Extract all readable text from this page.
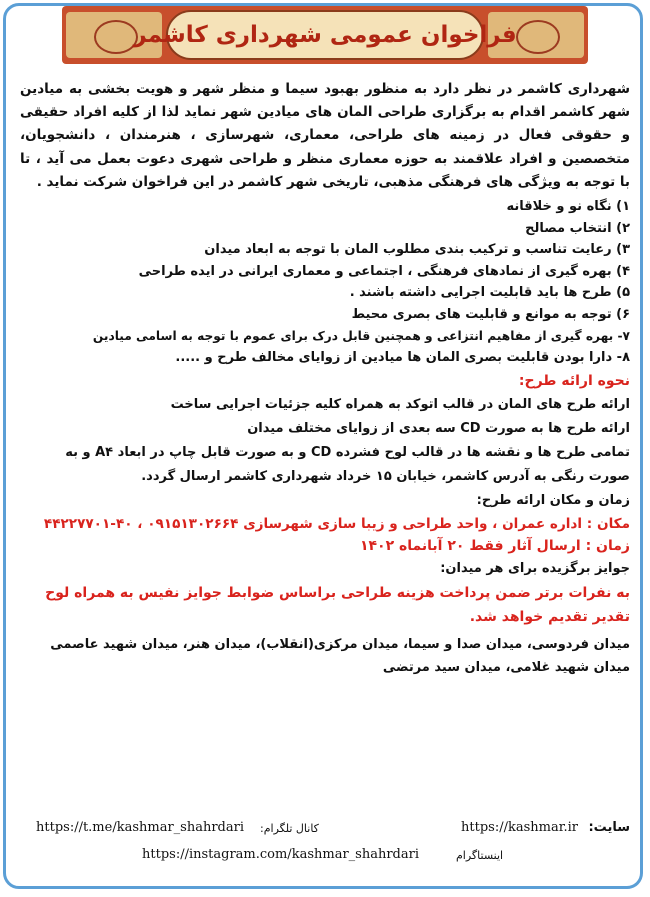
فراخوان عمومی شهرداری کاشمر
شهرداری کاشمر در نظر دارد به منظور بهبود سیما و منظر شهر و هویت بخشی به میادین شهر کاشمر اقدام به برگزاری طراحی المان های میادین شهر نماید لذا از کلیه افراد حقیقی و حقوقی فعال در زمینه های طراحی، معماری، شهرسازی ، هنرمندان ، دانشجویان، متخصصین و افراد علاقمند به حوزه معماری منظر و طراحی شهری دعوت بعمل می آید ، تا با توجه به ویژگی های فرهنگی مذهبی، تاریخی شهر کاشمر در این فراخوان شرکت نماید .
۱) نگاه نو و خلاقانه
۲) انتخاب مصالح
۳) رعایت تناسب و ترکیب بندی مطلوب المان با توجه به ابعاد میدان
۴) بهره گیری از نمادهای فرهنگی ، اجتماعی و معماری ایرانی در ایده طراحی
۵) طرح ها باید قابلیت اجرایی داشته باشند .
۶) توجه به موانع و قابلیت های بصری محیط
۷- بهره گیری از مفاهیم انتزاعی و همچنین قابل درک برای عموم با توجه به اسامی میادین
۸- دارا بودن قابلیت بصری المان ها میادین از زوایای مخالف طرح و .....
نحوه ارائه طرح:
ارائه طرح های المان در قالب اتوکد به همراه کلیه جزئیات اجرایی ساخت
ارائه طرح ها به صورت CD سه بعدی از زوایای مختلف میدان
تمامی طرح ها و نقشه ها در قالب لوح فشرده CD و به صورت قابل چاپ در ابعاد A۴ و به
صورت رنگی به آدرس کاشمر، خیابان ۱۵ خرداد شهرداری کاشمر ارسال گردد.
زمان و مکان ارائه طرح:
مکان : اداره عمران ، واحد طراحی و زیبا سازی شهرسازی ۰۹۱۵۱۳۰۲۶۶۴ ، ۴۰-۴۴۲۲۷۷۰۱
زمان : ارسال آثار فقط ۲۰ آبانماه ۱۴۰۲
جوایز برگزیده برای هر میدان:
به نفرات برتر ضمن پرداخت هزینه طراحی براساس ضوابط جوایز نفیس به همراه لوح تقدیر تقدیم خواهد شد.
میدان فردوسی، میدان صدا و سیما، میدان مرکزی(انقلاب)، میدان هنر، میدان شهید عاصمی
میدان شهید غلامی، میدان سید مرتضی
سایت:
https://kashmar.ir
کانال تلگرام:
https://t.me/kashmar_shahrdari
اینستاگرام
https://instagram.com/kashmar_shahrdari
